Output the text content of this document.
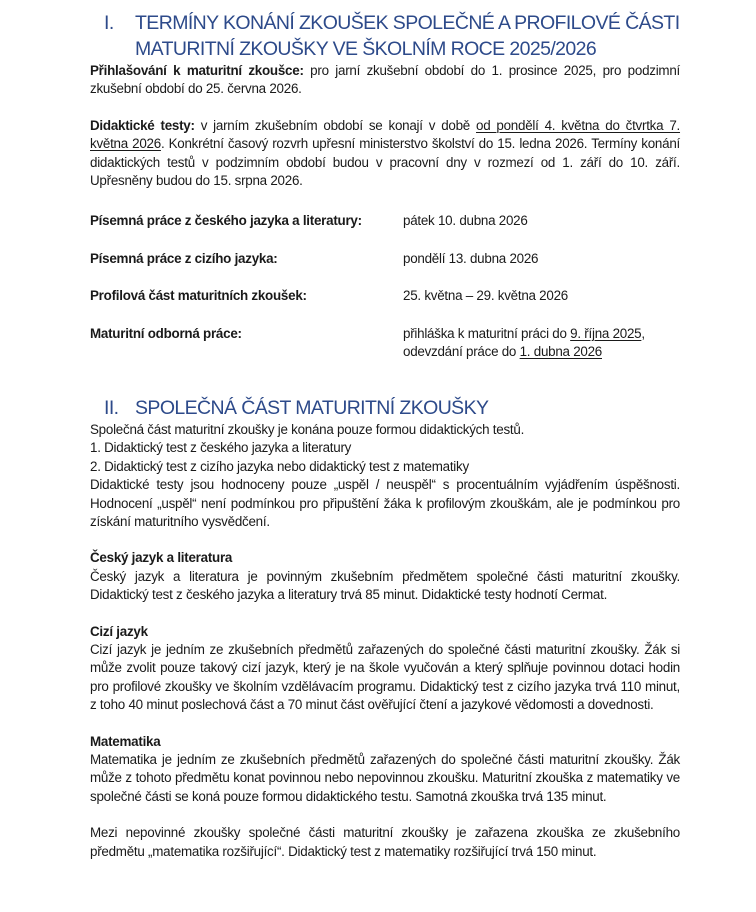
I. TERMÍNY KONÁNÍ ZKOUŠEK SPOLEČNÉ A PROFILOVÉ ČÁSTI
MATURITNÍ ZKOUŠKY VE ŠKOLNÍM ROCE 2025/2026

Přihlašování k maturitní zkoušce: pro jarní zkušební období do 1. prosince 2025, pro podzimní zkušební období do 25. června 2026.

Didaktické testy: v jarním zkušebním období se konají v době od pondělí 4. května do čtvrtka 7. května 2026. Konkrétní časový rozvrh upřesní ministerstvo školství do 15. ledna 2026. Termíny konání didaktických testů v podzimním období budou v pracovní dny v rozmezí od 1. září do 10. září. Upřesněny budou do 15. srpna 2026.

Písemná práce z českého jazyka a literatury:	pátek 10. dubna 2026
Písemná práce z cizího jazyka:	pondělí 13. dubna 2026
Profilová část maturitních zkoušek:	25. května – 29. května 2026
Maturitní odborná práce:	přihláška k maturitní práci do 9. října 2025,
odevzdání práce do 1. dubna 2026
II. SPOLEČNÁ ČÁST MATURITNÍ ZKOUŠKY

Společná část maturitní zkoušky je konána pouze formou didaktických testů.

1. Didaktický test z českého jazyka a literatury

2. Didaktický test z cizího jazyka nebo didaktický test z matematiky

Didaktické testy jsou hodnoceny pouze „uspěl / neuspěl“ s procentuálním vyjádřením úspěšnosti. Hodnocení „uspěl“ není podmínkou pro připuštění žáka k profilovým zkouškám, ale je podmínkou pro získání maturitního vysvědčení.

Český jazyk a literatura

Český jazyk a literatura je povinným zkušebním předmětem společné části maturitní zkoušky. Didaktický test z českého jazyka a literatury trvá 85 minut. Didaktické testy hodnotí Cermat.

Cizí jazyk

Cizí jazyk je jedním ze zkušebních předmětů zařazených do společné části maturitní zkoušky. Žák si může zvolit pouze takový cizí jazyk, který je na škole vyučován a který splňuje povinnou dotaci hodin pro profilové zkoušky ve školním vzdělávacím programu. Didaktický test z cizího jazyka trvá 110 minut, z toho 40 minut poslechová část a 70 minut část ověřující čtení a jazykové vědomosti a dovednosti.

Matematika

Matematika je jedním ze zkušebních předmětů zařazených do společné části maturitní zkoušky. Žák může z tohoto předmětu konat povinnou nebo nepovinnou zkoušku. Maturitní zkouška z matematiky ve společné části se koná pouze formou didaktického testu. Samotná zkouška trvá 135 minut.

Mezi nepovinné zkoušky společné části maturitní zkoušky je zařazena zkouška ze zkušebního předmětu „matematika rozšiřující“. Didaktický test z matematiky rozšiřující trvá 150 minut.
